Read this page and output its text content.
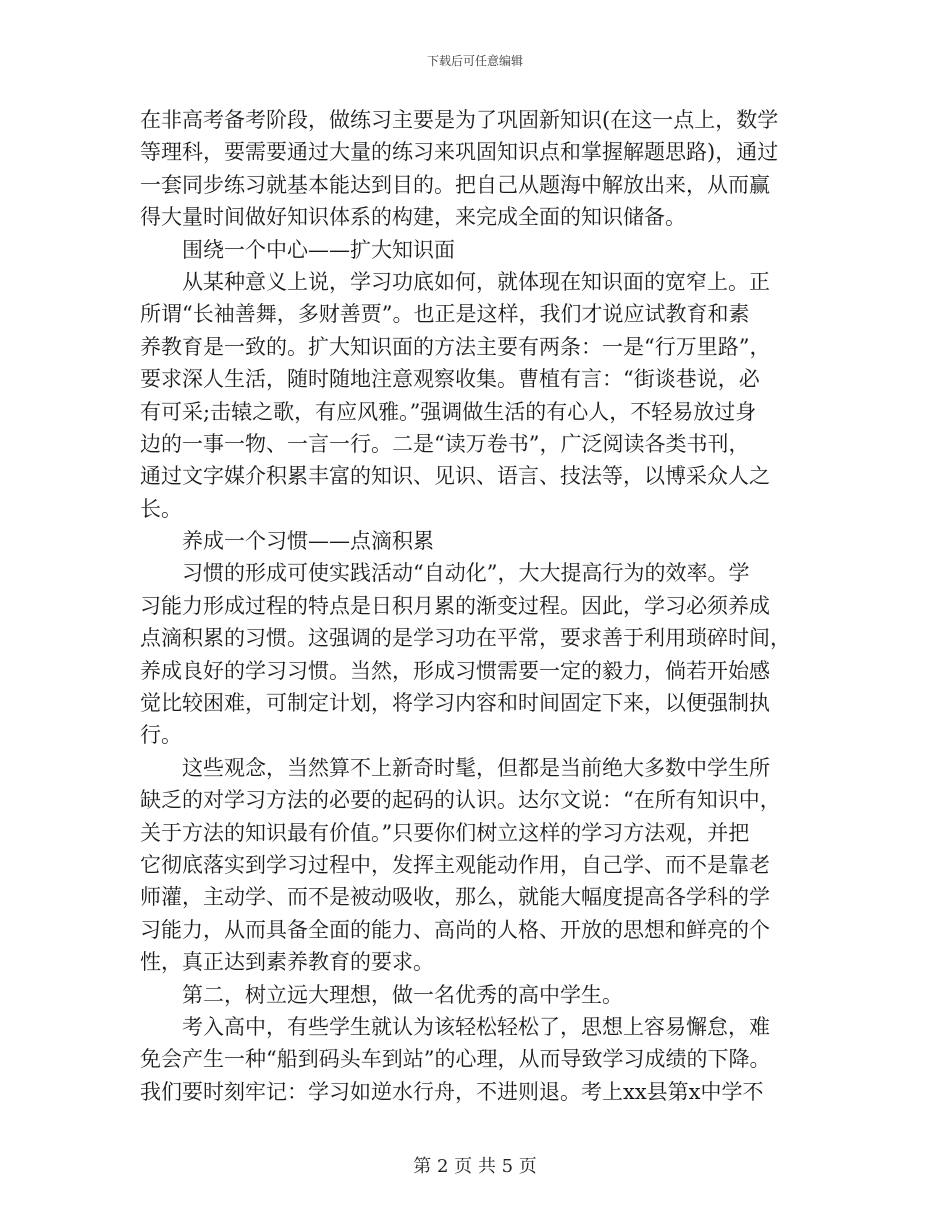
下载后可任意编辑
在非高考备考阶段，做练习主要是为了巩固新知识(在这一点上，数学
等理科，要需要通过大量的练习来巩固知识点和掌握解题思路)，通过
一套同步练习就基本能达到目的。把自己从题海中解放出来，从而赢
得大量时间做好知识体系的构建，来完成全面的知识储备。
　　围绕一个中心——扩大知识面
　　从某种意义上说，学习功底如何，就体现在知识面的宽窄上。正
所谓“长袖善舞，多财善贾”。也正是这样，我们才说应试教育和素
养教育是一致的。扩大知识面的方法主要有两条：一是“行万里路”，
要求深人生活，随时随地注意观察收集。曹植有言：“街谈巷说，必
有可采;击辕之歌，有应风雅。”强调做生活的有心人，不轻易放过身
边的一事一物、一言一行。二是“读万卷书”，广泛阅读各类书刊，
通过文字媒介积累丰富的知识、见识、语言、技法等，以博采众人之
长。
　　养成一个习惯——点滴积累
　　习惯的形成可使实践活动“自动化”，大大提高行为的效率。学
习能力形成过程的特点是日积月累的渐变过程。因此，学习必须养成
点滴积累的习惯。这强调的是学习功在平常，要求善于利用琐碎时间，
养成良好的学习习惯。当然，形成习惯需要一定的毅力，倘若开始感
觉比较困难，可制定计划，将学习内容和时间固定下来，以便强制执
行。
　　这些观念，当然算不上新奇时髦，但都是当前绝大多数中学生所
缺乏的对学习方法的必要的起码的认识。达尔文说：“在所有知识中，
关于方法的知识最有价值。”只要你们树立这样的学习方法观，并把
它彻底落实到学习过程中，发挥主观能动作用，自己学、而不是靠老
师灌，主动学、而不是被动吸收，那么，就能大幅度提高各学科的学
习能力，从而具备全面的能力、高尚的人格、开放的思想和鲜亮的个
性，真正达到素养教育的要求。
　　第二，树立远大理想，做一名优秀的高中学生。
　　考入高中，有些学生就认为该轻松轻松了，思想上容易懈怠，难
免会产生一种“船到码头车到站”的心理，从而导致学习成绩的下降。
我们要时刻牢记：学习如逆水行舟，不进则退。考上xx县第x中学不
第 2 页 共 5 页
